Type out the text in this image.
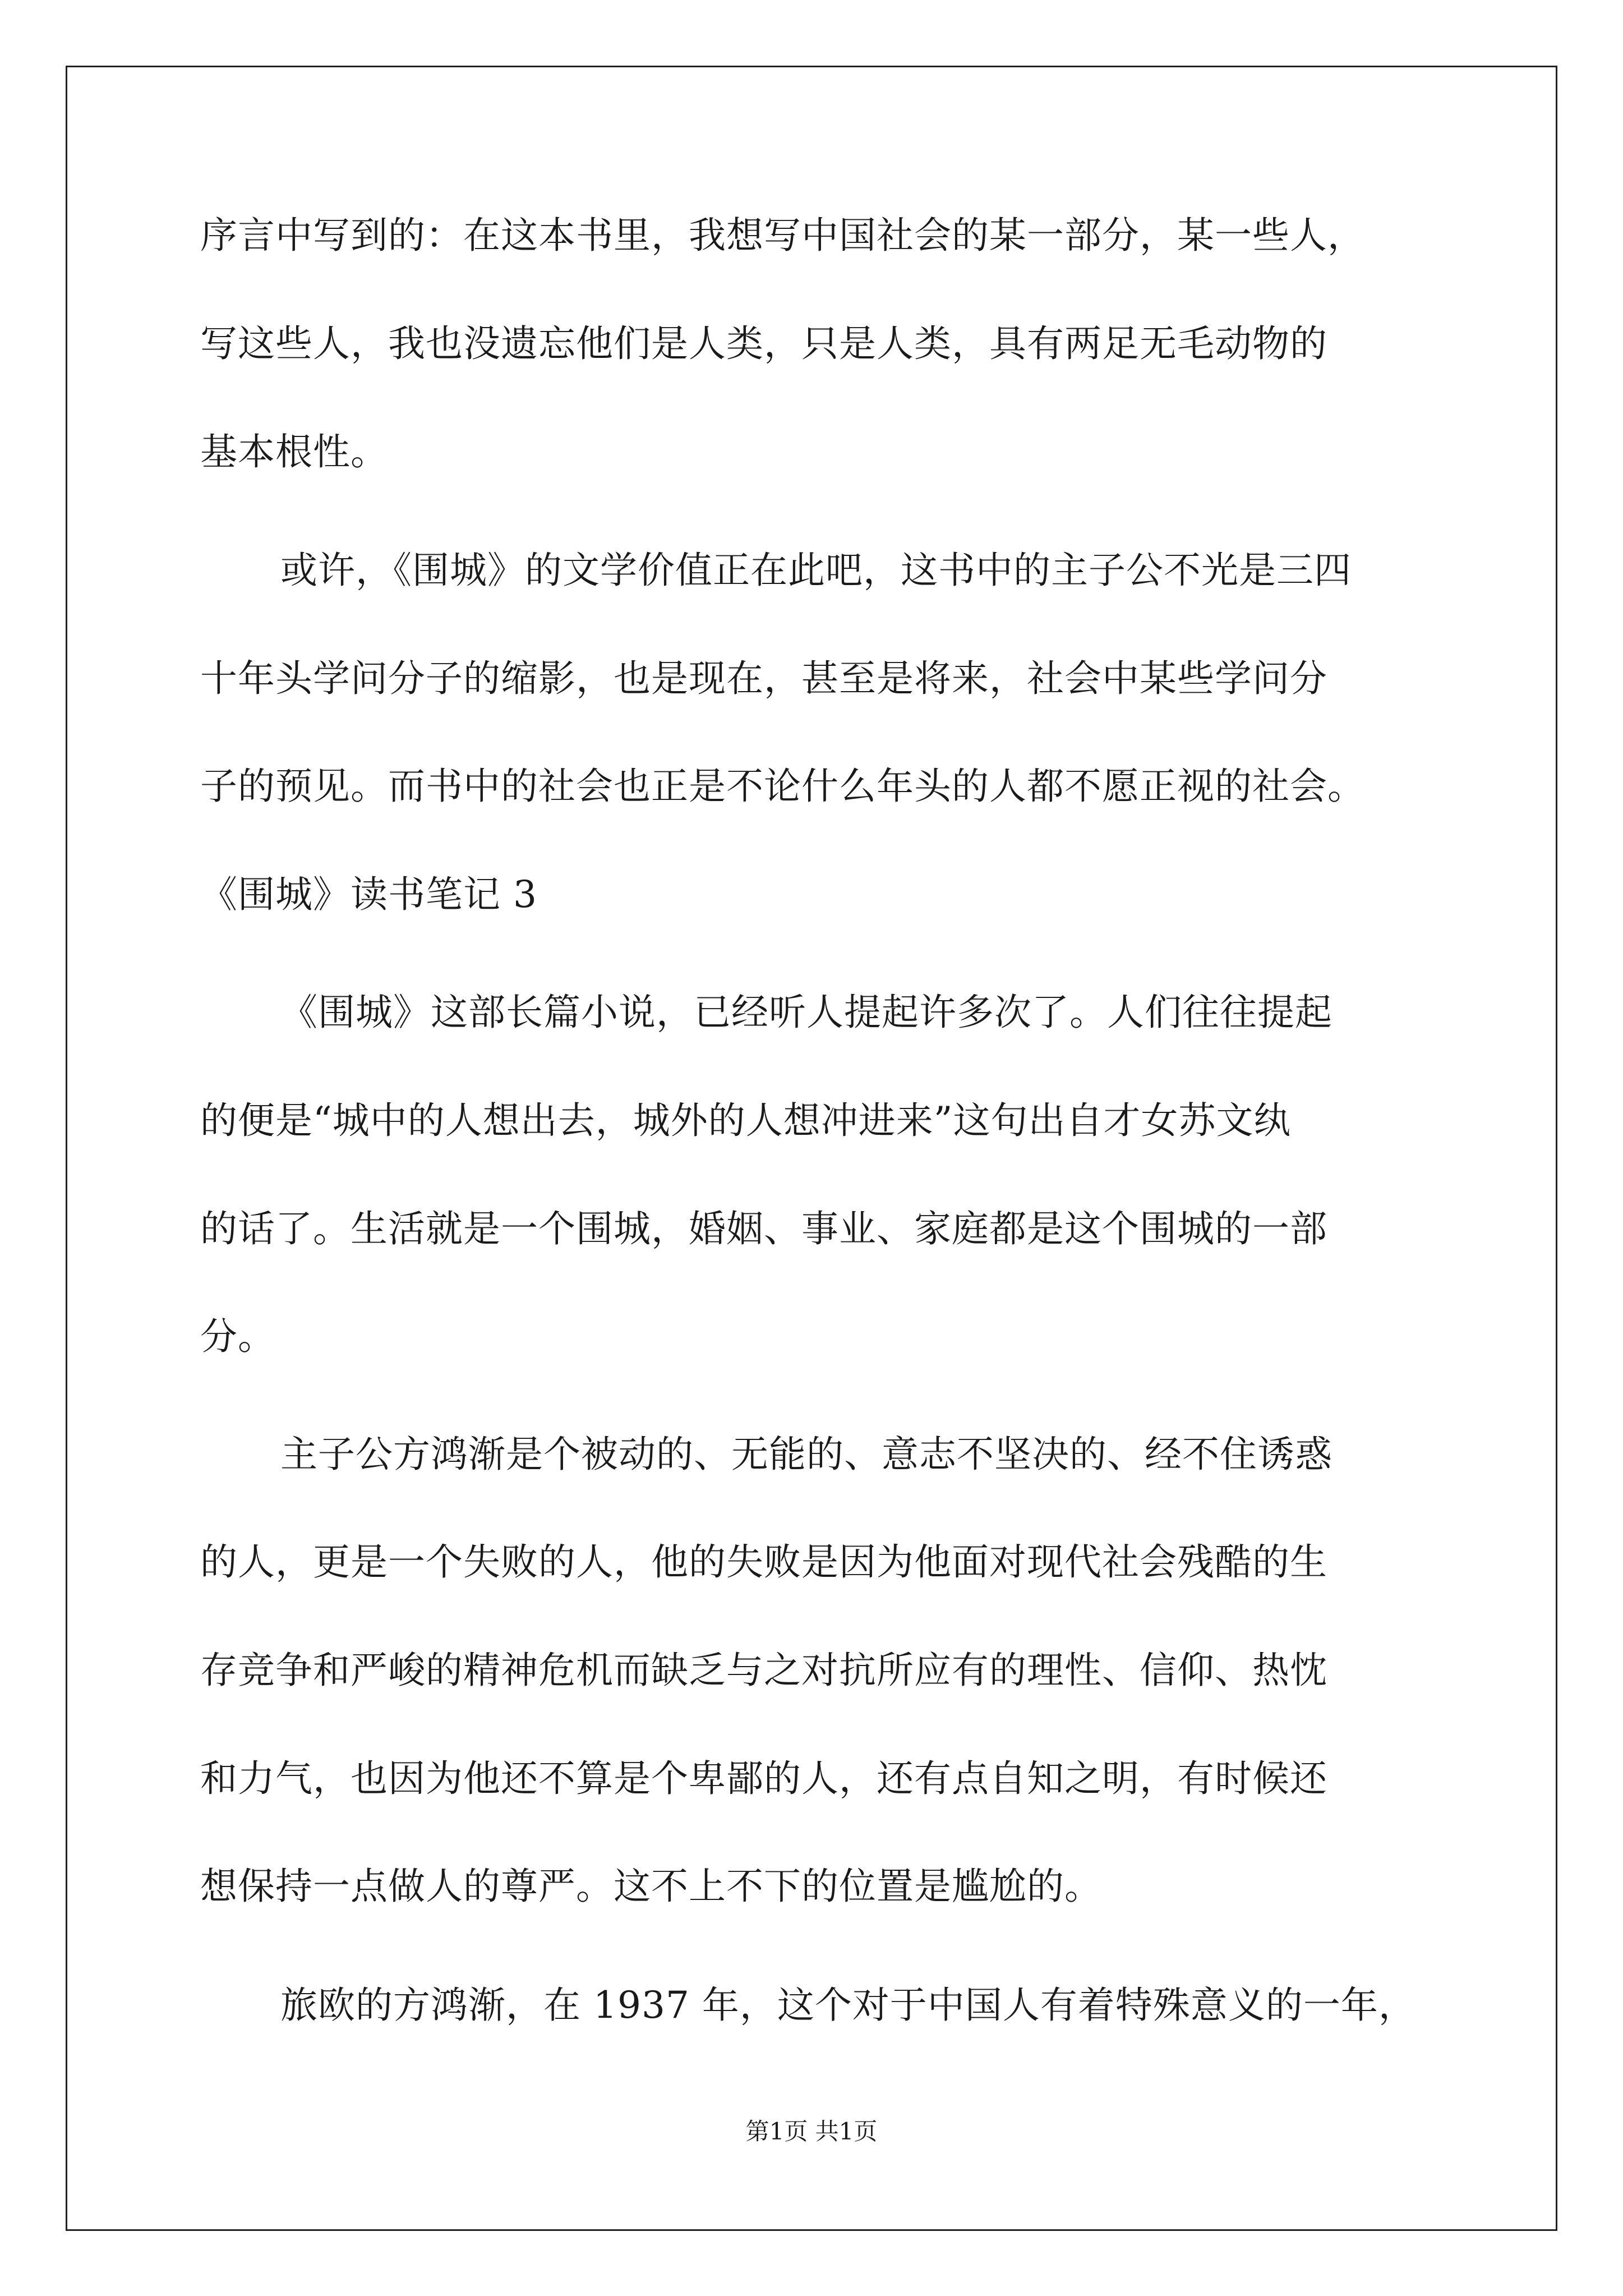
序言中写到的：在这本书里，我想写中国社会的某一部分，某一些人，
写这些人，我也没遗忘他们是人类，只是人类，具有两足无毛动物的
基本根性。
或许，《围城》的文学价值正在此吧，这书中的主子公不光是三四
十年头学问分子的缩影，也是现在，甚至是将来，社会中某些学问分
子的预见。而书中的社会也正是不论什么年头的人都不愿正视的社会。
《围城》读书笔记 3
《围城》这部长篇小说，已经听人提起许多次了。人们往往提起
的便是“城中的人想出去，城外的人想冲进来”这句出自才女苏文纨
的话了。生活就是一个围城，婚姻、事业、家庭都是这个围城的一部
分。
主子公方鸿渐是个被动的、无能的、意志不坚决的、经不住诱惑
的人，更是一个失败的人，他的失败是因为他面对现代社会残酷的生
存竞争和严峻的精神危机而缺乏与之对抗所应有的理性、信仰、热忱
和力气，也因为他还不算是个卑鄙的人，还有点自知之明，有时候还
想保持一点做人的尊严。这不上不下的位置是尴尬的。
旅欧的方鸿渐，在 1937 年，这个对于中国人有着特殊意义的一年，
第1页 共1页
